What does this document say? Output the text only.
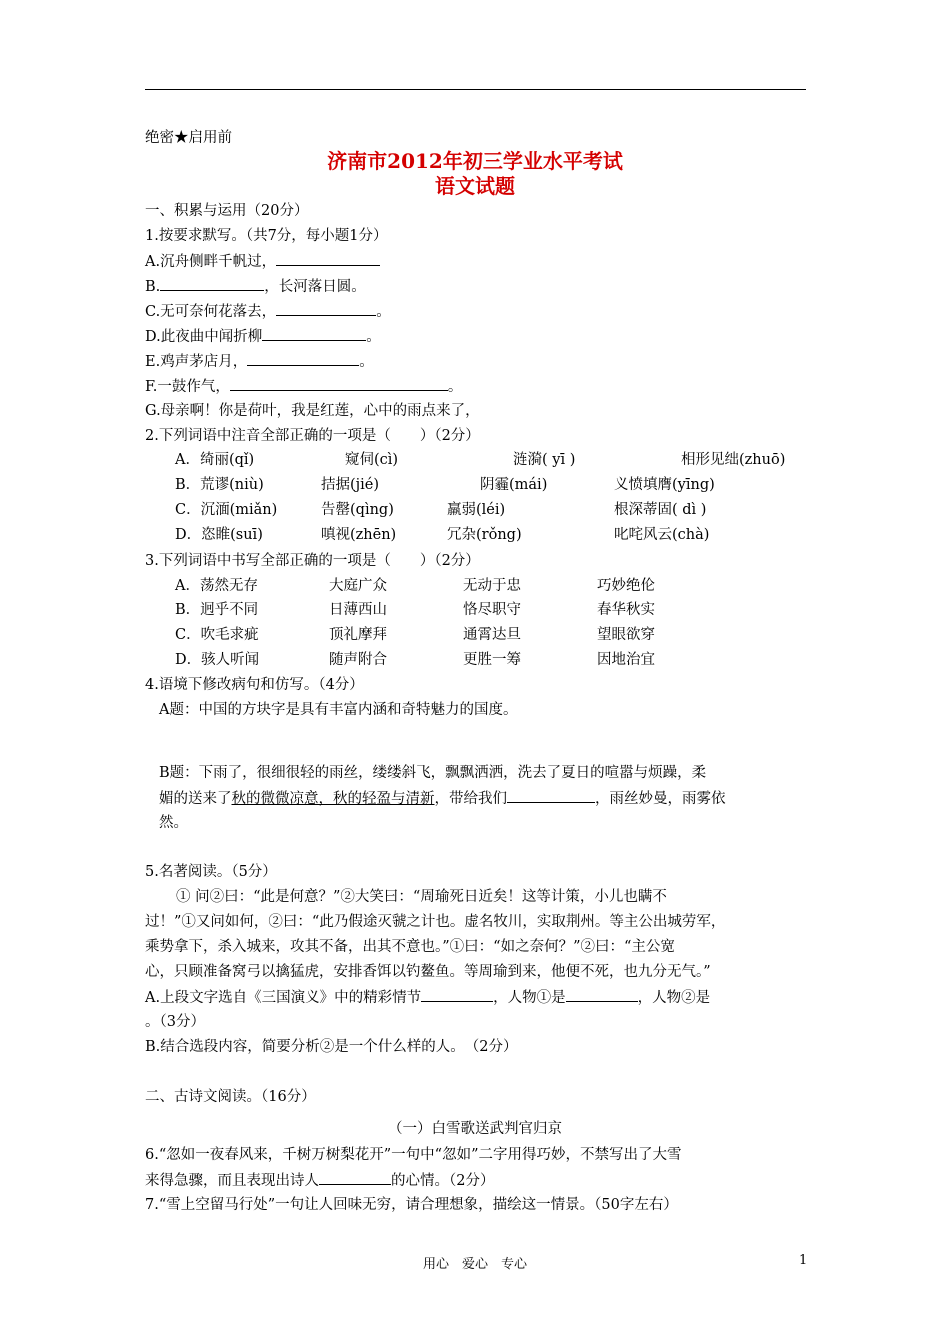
绝密★启用前
济南市2012年初三学业水平考试
语文试题
一、积累与运用（20分）
1.按要求默写。（共7分，每小题1分）
A.沉舟侧畔千帆过，
B.	，长河落日圆。
C.无可奈何花落去，	。
D.此夜曲中闻折柳	。
E.鸡声茅店月，	。
F.一鼓作气，	。
G.母亲啊！你是荷叶，我是红莲，心中的雨点来了，
2.下列词语中注音全部正确的一项是（　　）（2分）
A．绮丽(qǐ)	窥伺(cì)	涟漪( yī )	相形见绌(zhuō)
B．荒谬(niù)	拮据(jié)	阴霾(mái)	义愤填膺(yīng)
C．沉湎(miǎn)	告罄(qìng)	羸弱(léi)	根深蒂固( dì )
D．恣睢(suī)	嗔视(zhēn)	冗杂(rǒng)	叱咤风云(chà)
3.下列词语中书写全部正确的一项是（　　）（2分）
A．荡然无存	大庭广众	无动于忠	巧妙绝伦
B．迥乎不同	日薄西山	恪尽职守	春华秋实
C．吹毛求疵	顶礼摩拜	通霄达旦	望眼欲穿
D．骇人听闻	随声附合	更胜一筹	因地治宜
4.语境下修改病句和仿写。（4分）
A题：中国的方块字是具有丰富内涵和奇特魅力的国度。
B题：下雨了，很细很轻的雨丝，缕缕斜飞，飘飘洒洒，洗去了夏日的喧嚣与烦躁，柔
媚的送来了秋的微微凉意，秋的轻盈与清新，带给我们	，雨丝妙曼，雨雾依
然。
5.名著阅读。（5分）
① 问②曰：“此是何意？”②大笑曰：“周瑜死日近矣！这等计策，小儿也瞒不
过！”①又问如何，②曰：“此乃假途灭虢之计也。虚名牧川，实取荆州。等主公出城劳军，
乘势拿下，杀入城来，攻其不备，出其不意也。”①曰：“如之奈何？”②曰：“主公宽
心，只顾准备窝弓以擒猛虎，安排香饵以钓鳌鱼。等周瑜到来，他便不死，也九分无气。”
A.上段文字选自《三国演义》中的精彩情节	，人物①是	，人物②是
。（3分）
B.结合选段内容，简要分析②是一个什么样的人。　（2分）
二、古诗文阅读。（16分）
（一）白雪歌送武判官归京
6.“忽如一夜春风来，千树万树梨花开”一句中“忽如”二字用得巧妙，不禁写出了大雪
来得急骤，而且表现出诗人	的心情。（2分）
7.“雪上空留马行处”一句让人回味无穷，请合理想象，描绘这一情景。（50字左右）
用心　爱心　专心	1
